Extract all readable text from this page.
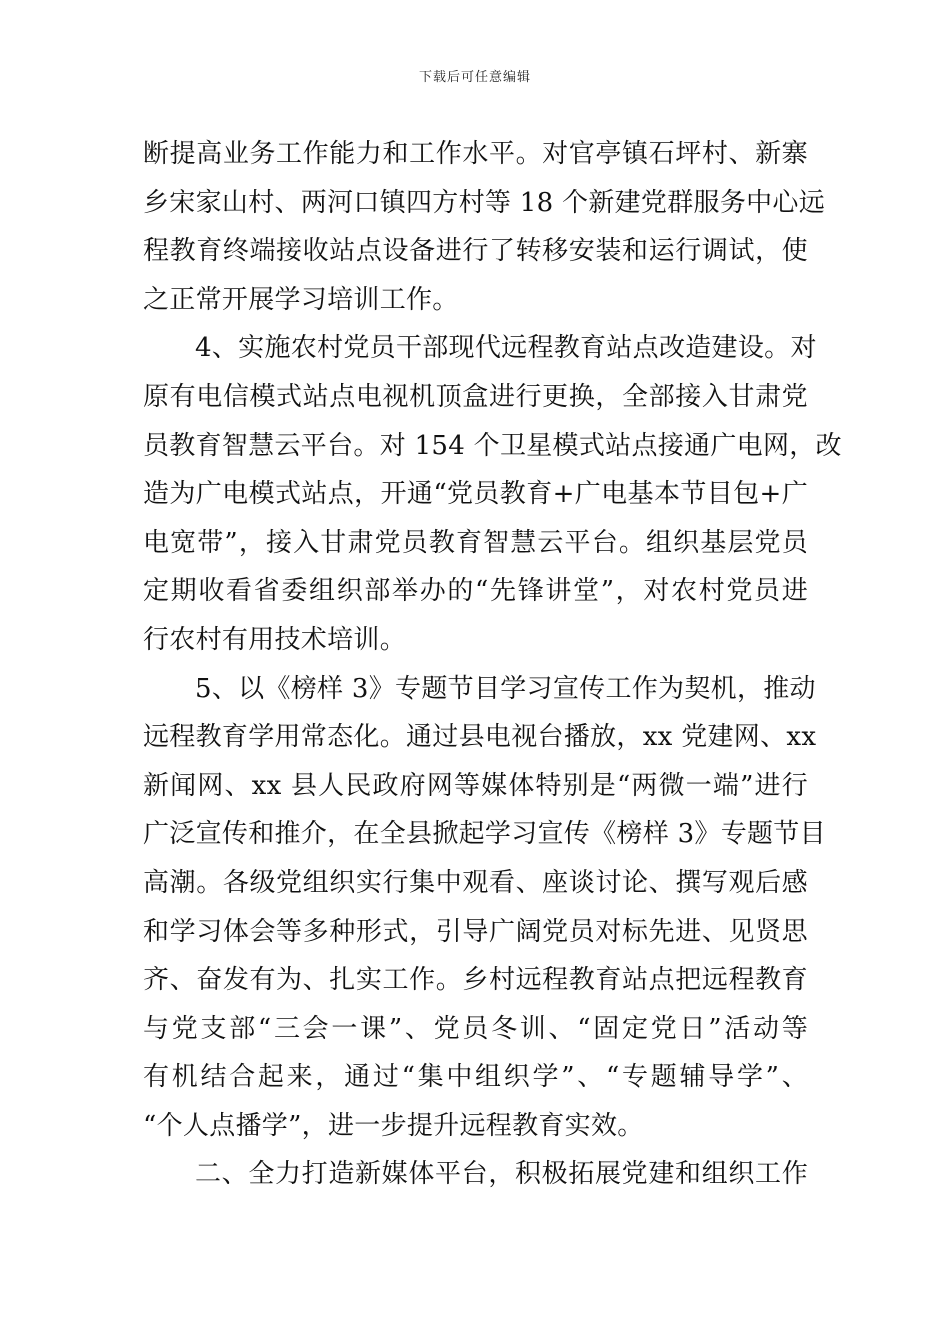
下载后可任意编辑
断提高业务工作能力和工作水平。对官亭镇石坪村、新寨
乡宋家山村、两河口镇四方村等 18 个新建党群服务中心远
程教育终端接收站点设备进行了转移安装和运行调试，使
之正常开展学习培训工作。
4、实施农村党员干部现代远程教育站点改造建设。对
原有电信模式站点电视机顶盒进行更换，全部接入甘肃党
员教育智慧云平台。对 154 个卫星模式站点接通广电网，改
造为广电模式站点，开通“党员教育+广电基本节目包+广
电宽带”，接入甘肃党员教育智慧云平台。组织基层党员
定期收看省委组织部举办的“先锋讲堂”，对农村党员进
行农村有用技术培训。
5、以《榜样 3》专题节目学习宣传工作为契机，推动
远程教育学用常态化。通过县电视台播放，xx 党建网、xx
新闻网、xx 县人民政府网等媒体特别是“两微一端”进行
广泛宣传和推介，在全县掀起学习宣传《榜样 3》专题节目
高潮。各级党组织实行集中观看、座谈讨论、撰写观后感
和学习体会等多种形式，引导广阔党员对标先进、见贤思
齐、奋发有为、扎实工作。乡村远程教育站点把远程教育
与党支部“三会一课”、党员冬训、“固定党日”活动等
有机结合起来，通过“集中组织学”、“专题辅导学”、
“个人点播学”，进一步提升远程教育实效。
二、全力打造新媒体平台，积极拓展党建和组织工作
